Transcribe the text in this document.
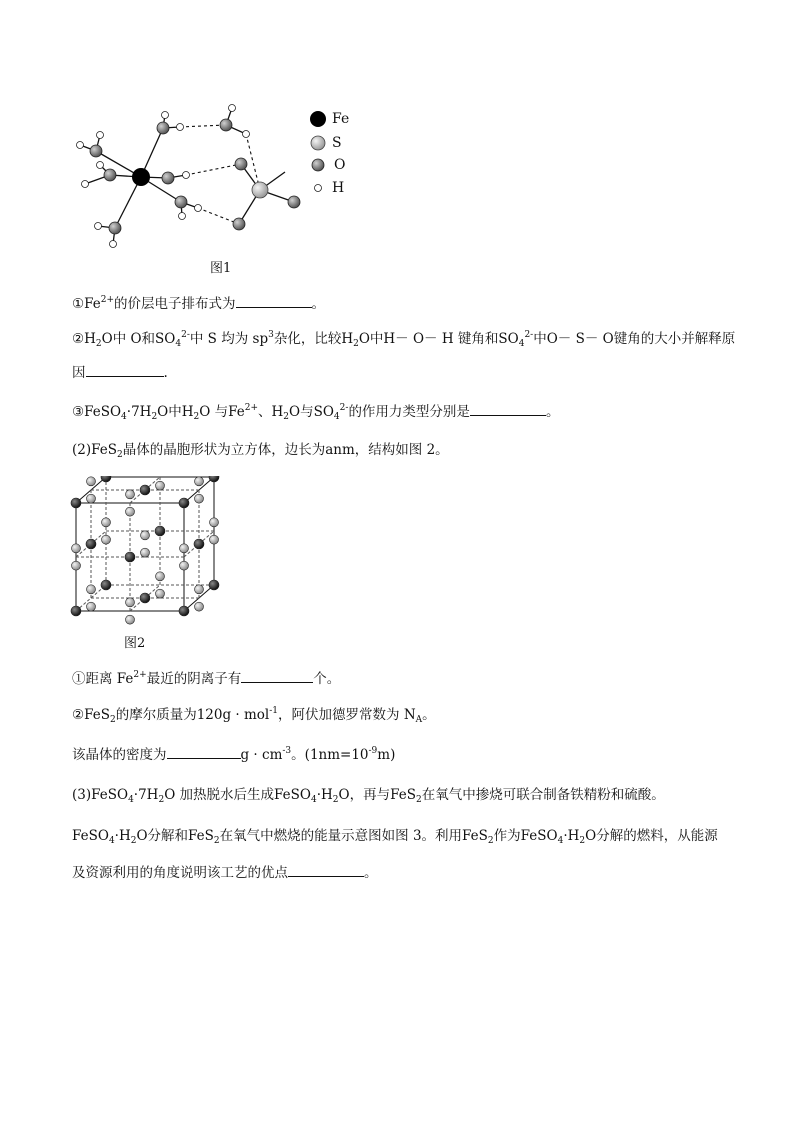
Fe
S
O
H
图1
$①Fe^{2+}$的价层电子排布式为	。
$②H_2O$中 O和$SO_4^{2-}$中 S 均为 $sp^3$杂化，比较$H_2O$中H－ O－ H 键角和$SO_4^{2-}$中O－ S－ O键角的大小并解释原
因	.
$③FeSO_4\cdot 7H_2O$中$H_2O$ 与$Fe^{2+}$、$H_2O$与$SO_4^{2-}$的作用力类型分别是	。
(2)FeS$_2$晶体的晶胞形状为立方体，边长为anm，结构如图 2。
图2
①距离 $Fe^{2+}$最近的阴离子有	个。
②FeS$_2$的摩尔质量为120g · mol$^{-1}$，阿伏加德罗常数为 $N_A$。
该晶体的密度为	$g \cdot cm^{-3}$。$(1nm=10^{-9}m)$
$(3)FeSO_4\cdot 7H_2O$ 加热脱水后生成$FeSO_4\cdot H_2O$，再与FeS$_2$在氧气中掺烧可联合制备铁精粉和硫酸。
$FeSO_4\cdot H_2O$分解和FeS$_2$在氧气中燃烧的能量示意图如图 3。利用FeS$_2$作为$FeSO_4\cdot H_2O$分解的燃料，从能源
及资源利用的角度说明该工艺的优点	。
